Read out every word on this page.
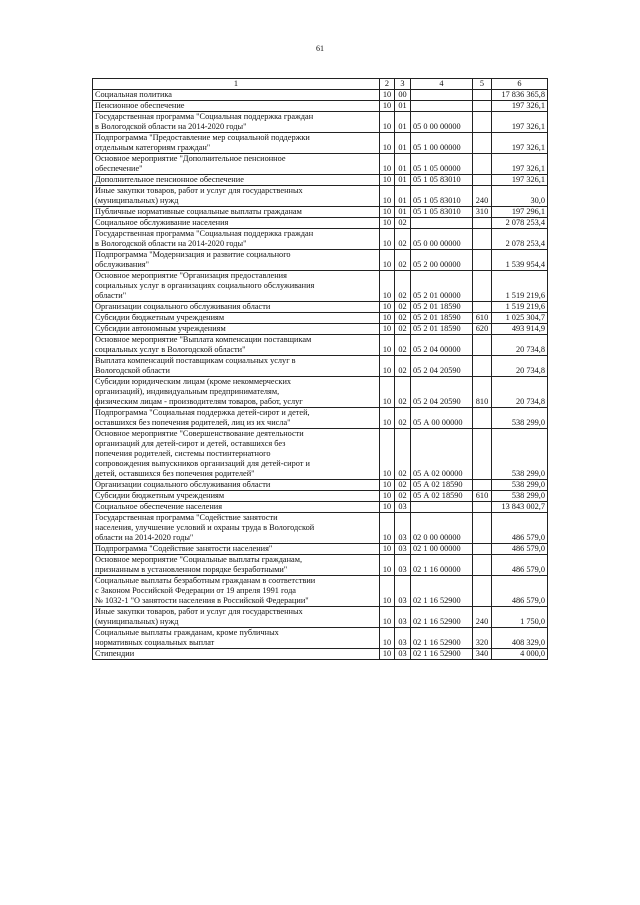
61
1	2	3	4	5	6
Социальная политика	10	00			17 836 365,8
Пенсионное обеспечение	10	01			197 326,1
Государственная программа "Социальная поддержка граждан
в Вологодской области на 2014-2020 годы"	10	01	05 0 00 00000		197 326,1
Подпрограмма "Предоставление мер социальной поддержки
отдельным категориям граждан"	10	01	05 1 00 00000		197 326,1
Основное мероприятие "Дополнительное пенсионное
обеспечение"	10	01	05 1 05 00000		197 326,1
Дополнительное пенсионное обеспечение	10	01	05 1 05 83010		197 326,1
Иные закупки товаров, работ и услуг для государственных
(муниципальных) нужд	10	01	05 1 05 83010	240	30,0
Публичные нормативные социальные выплаты гражданам	10	01	05 1 05 83010	310	197 296,1
Социальное обслуживание населения	10	02			2 078 253,4
Государственная программа "Социальная поддержка граждан
в Вологодской области на 2014-2020 годы"	10	02	05 0 00 00000		2 078 253,4
Подпрограмма "Модернизация и развитие социального
обслуживания"	10	02	05 2 00 00000		1 539 954,4
Основное мероприятие "Организация предоставления
социальных услуг в организациях социального обслуживания
области"	10	02	05 2 01 00000		1 519 219,6
Организации социального обслуживания области	10	02	05 2 01 18590		1 519 219,6
Субсидии бюджетным учреждениям	10	02	05 2 01 18590	610	1 025 304,7
Субсидии автономным учреждениям	10	02	05 2 01 18590	620	493 914,9
Основное мероприятие "Выплата компенсации поставщикам
социальных услуг в Вологодской области"	10	02	05 2 04 00000		20 734,8
Выплата компенсаций поставщикам социальных услуг в
Вологодской области	10	02	05 2 04 20590		20 734,8
Субсидии юридическим лицам (кроме некоммерческих
организаций), индивидуальным предпринимателям,
физическим лицам - производителям товаров, работ, услуг	10	02	05 2 04 20590	810	20 734,8
Подпрограмма "Социальная поддержка детей-сирот и детей,
оставшихся без попечения родителей, лиц из их числа"	10	02	05 А 00 00000		538 299,0
Основное мероприятие "Совершенствование деятельности
организаций для детей-сирот и детей, оставшихся без
попечения родителей, системы постинтернатного
сопровождения выпускников организаций для детей-сирот и
детей, оставшихся без попечения родителей"	10	02	05 А 02 00000		538 299,0
Организации социального обслуживания области	10	02	05 А 02 18590		538 299,0
Субсидии бюджетным учреждениям	10	02	05 А 02 18590	610	538 299,0
Социальное обеспечение населения	10	03			13 843 002,7
Государственная программа "Содействие занятости
населения, улучшение условий и охраны труда в Вологодской
области на 2014-2020 годы"	10	03	02 0 00 00000		486 579,0
Подпрограмма "Содействие занятости населения"	10	03	02 1 00 00000		486 579,0
Основное мероприятие "Социальные выплаты гражданам,
признанным в установленном порядке безработными"	10	03	02 1 16 00000		486 579,0
Социальные выплаты безработным гражданам в соответствии
с Законом Российской Федерации от 19 апреля 1991 года
№ 1032-1 "О занятости населения в Российской Федерации"	10	03	02 1 16 52900		486 579,0
Иные закупки товаров, работ и услуг для государственных
(муниципальных) нужд	10	03	02 1 16 52900	240	1 750,0
Социальные выплаты гражданам, кроме публичных
нормативных социальных выплат	10	03	02 1 16 52900	320	408 329,0
Стипендии	10	03	02 1 16 52900	340	4 000,0
